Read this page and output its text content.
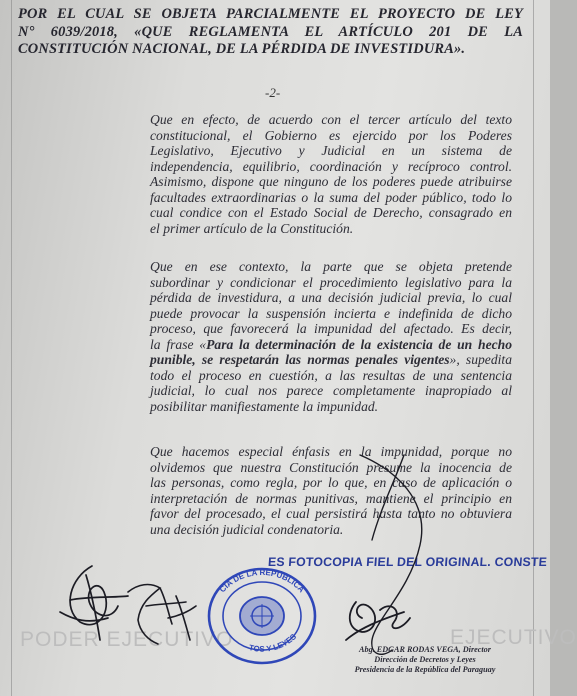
POR EL CUAL SE OBJETA PARCIALMENTE EL PROYECTO DE LEY
N° 6039/2018, «QUE REGLAMENTA EL ARTÍCULO 201 DE LA
CONSTITUCIÓN NACIONAL, DE LA PÉRDIDA DE INVESTIDURA».
-2-
Que en efecto, de acuerdo con el tercer artículo del texto
constitucional, el Gobierno es ejercido por los Poderes
Legislativo, Ejecutivo y Judicial en un sistema de
independencia, equilibrio, coordinación y recíproco control.
Asimismo, dispone que ninguno de los poderes puede atribuirse
facultades extraordinarias o la suma del poder público, todo lo
cual condice con el Estado Social de Derecho, consagrado en
el primer artículo de la Constitución.
Que en ese contexto, la parte que se objeta pretende
subordinar y condicionar el procedimiento legislativo para la
pérdida de investidura, a una decisión judicial previa, lo cual
puede provocar la suspensión incierta e indefinida de dicho
proceso, que favorecerá la impunidad del afectado. Es decir,
la frase «Para la determinación de la existencia de un hecho
punible, se respetarán las normas penales vigentes», supedita
todo el proceso en cuestión, a las resultas de una sentencia
judicial, lo cual nos parece completamente inapropiado al
posibilitar manifiestamente la impunidad.
Que hacemos especial énfasis en la impunidad, porque no
olvidemos que nuestra Constitución presume la inocencia de
las personas, como regla, por lo que, en caso de aplicación o
interpretación de normas punitivas, mantiene el principio en
favor del procesado, el cual persistirá hasta tanto no obtuviera
una decisión judicial condenatoria.
PODER EJECUTIVO	EJECUTIVO
ES FOTOCOPIA FIEL DEL ORIGINAL. CONSTE
CIA DE LA REPÚBLICA
TOS Y LEYES
Abg. EDGAR RODAS VEGA, Director
Dirección de Decretos y Leyes
Presidencia de la República del Paraguay
